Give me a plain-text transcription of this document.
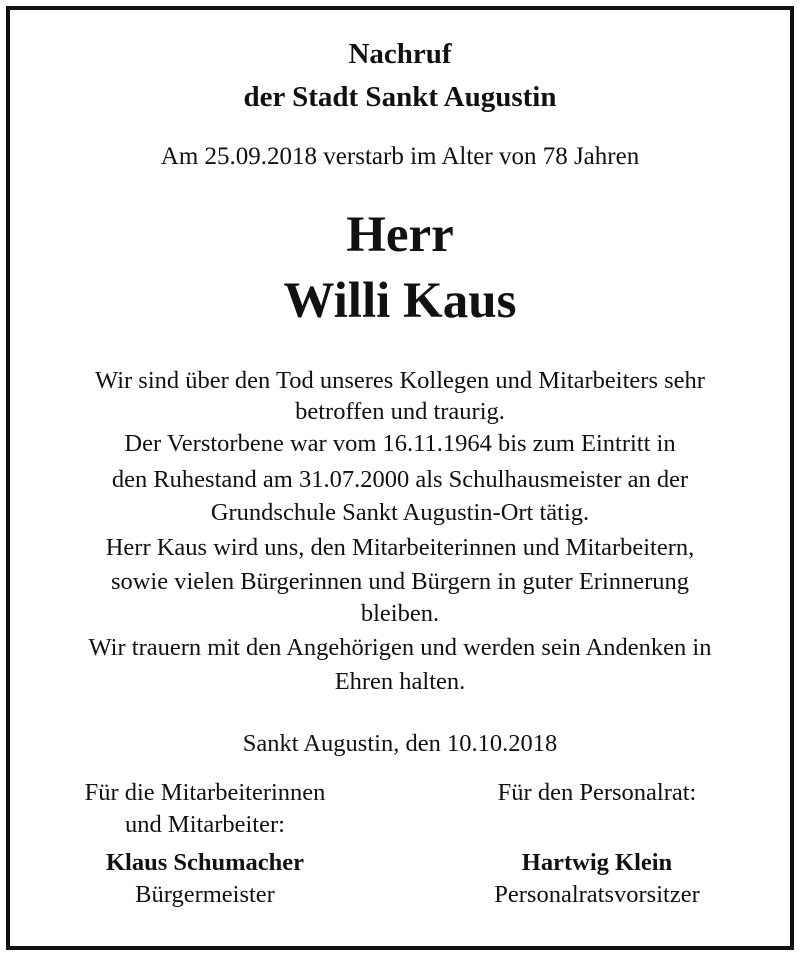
Nachruf
der Stadt Sankt Augustin
Am 25.09.2018 verstarb im Alter von 78 Jahren
Herr
Willi Kaus
Wir sind über den Tod unseres Kollegen und Mitarbeiters sehr
betroffen und traurig.
Der Verstorbene war vom 16.11.1964 bis zum Eintritt in
den Ruhestand am 31.07.2000 als Schulhausmeister an der
Grundschule Sankt Augustin-Ort tätig.
Herr Kaus wird uns, den Mitarbeiterinnen und Mitarbeitern,
sowie vielen Bürgerinnen und Bürgern in guter Erinnerung
bleiben.
Wir trauern mit den Angehörigen und werden sein Andenken in
Ehren halten.
Sankt Augustin, den 10.10.2018
Für die Mitarbeiterinnen
und Mitarbeiter:
Klaus Schumacher
Bürgermeister
Für den Personalrat:
Hartwig Klein
Personalratsvorsitzer
